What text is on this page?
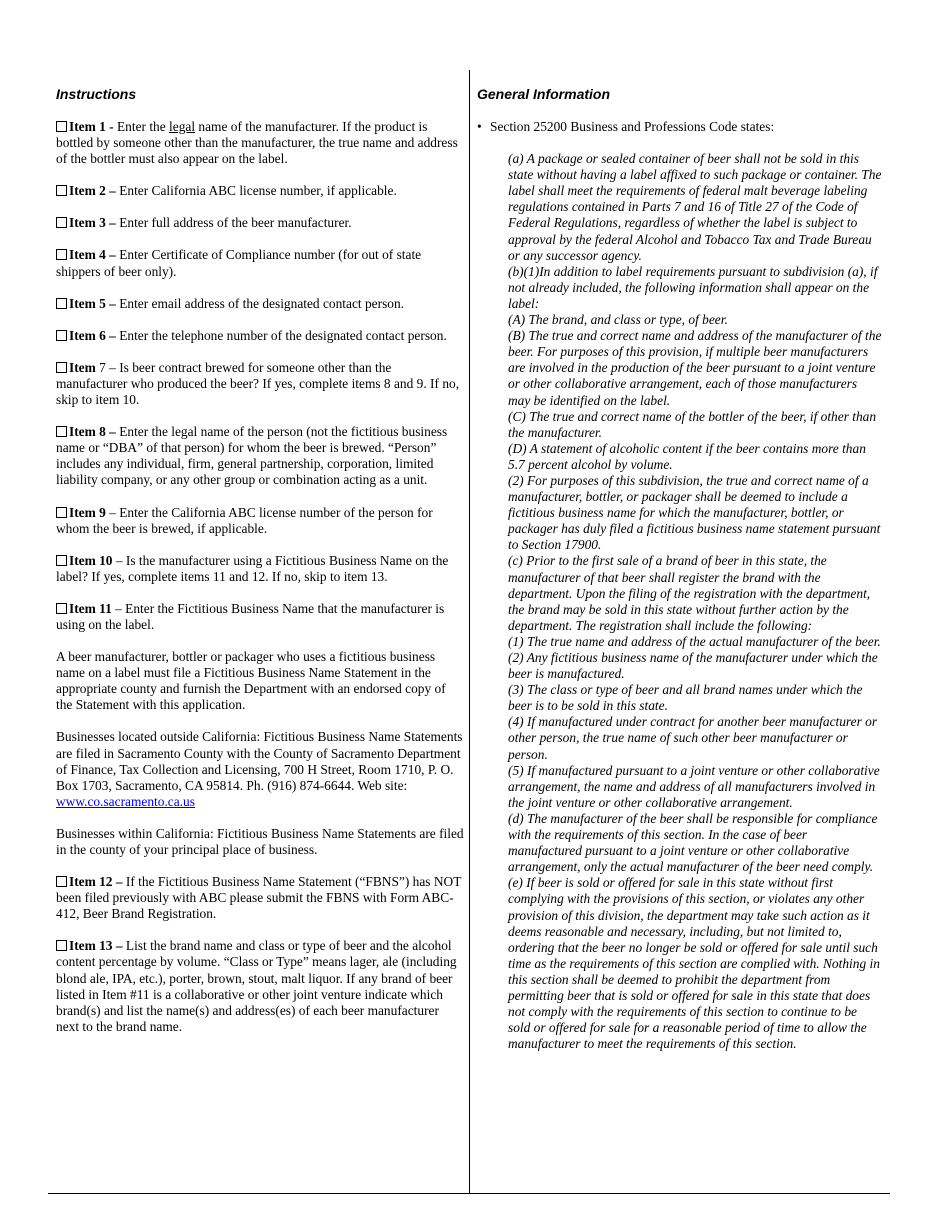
Instructions

Item 1 - Enter the legal name of the manufacturer. If the product is bottled by someone other than the manufacturer, the true name and address of the bottler must also appear on the label.

Item 2 – Enter California ABC license number, if applicable.

Item 3 – Enter full address of the beer manufacturer.

Item 4 – Enter Certificate of Compliance number (for out of state shippers of beer only).

Item 5 – Enter email address of the designated contact person.

Item 6 – Enter the telephone number of the designated contact person.

Item 7 – Is beer contract brewed for someone other than the manufacturer who produced the beer? If yes, complete items 8 and 9. If no, skip to item 10.

Item 8 – Enter the legal name of the person (not the fictitious business name or “DBA” of that person) for whom the beer is brewed. “Person” includes any individual, firm, general partnership, corporation, limited liability company, or any other group or combination acting as a unit.

Item 9 – Enter the California ABC license number of the person for whom the beer is brewed, if applicable.

Item 10 – Is the manufacturer using a Fictitious Business Name on the label? If yes, complete items 11 and 12. If no, skip to item 13.

Item 11 – Enter the Fictitious Business Name that the manufacturer is using on the label.

A beer manufacturer, bottler or packager who uses a fictitious business name on a label must file a Fictitious Business Name Statement in the appropriate county and furnish the Department with an endorsed copy of the Statement with this application.

Businesses located outside California: Fictitious Business Name Statements are filed in Sacramento County with the County of Sacramento Department of Finance, Tax Collection and Licensing, 700 H Street, Room 1710, P. O. Box 1703, Sacramento, CA 95814. Ph. (916) 874-6644. Web site: www.co.sacramento.ca.us

Businesses within California: Fictitious Business Name Statements are filed in the county of your principal place of business.

Item 12 – If the Fictitious Business Name Statement (“FBNS”) has NOT been filed previously with ABC please submit the FBNS with Form ABC-412, Beer Brand Registration.

Item 13 – List the brand name and class or type of beer and the alcohol content percentage by volume. “Class or Type” means lager, ale (including blond ale, IPA, etc.), porter, brown, stout, malt liquor. If any brand of beer listed in Item #11 is a collaborative or other joint venture indicate which brand(s) and list the name(s) and address(es) of each beer manufacturer next to the brand name.

General Information

• Section 25200 Business and Professions Code states:

(a) A package or sealed container of beer shall not be sold in this state without having a label affixed to such package or container. The label shall meet the requirements of federal malt beverage labeling regulations contained in Parts 7 and 16 of Title 27 of the Code of Federal Regulations, regardless of whether the label is subject to approval by the federal Alcohol and Tobacco Tax and Trade Bureau or any successor agency.
(b)(1)In addition to label requirements pursuant to subdivision (a), if not already included, the following information shall appear on the label:
(A) The brand, and class or type, of beer.
(B) The true and correct name and address of the manufacturer of the beer. For purposes of this provision, if multiple beer manufacturers are involved in the production of the beer pursuant to a joint venture or other collaborative arrangement, each of those manufacturers may be identified on the label.
(C) The true and correct name of the bottler of the beer, if other than the manufacturer.
(D) A statement of alcoholic content if the beer contains more than 5.7 percent alcohol by volume.
(2) For purposes of this subdivision, the true and correct name of a manufacturer, bottler, or packager shall be deemed to include a fictitious business name for which the manufacturer, bottler, or packager has duly filed a fictitious business name statement pursuant to Section 17900.
(c) Prior to the first sale of a brand of beer in this state, the manufacturer of that beer shall register the brand with the department. Upon the filing of the registration with the department, the brand may be sold in this state without further action by the department. The registration shall include the following:
(1) The true name and address of the actual manufacturer of the beer.
(2) Any fictitious business name of the manufacturer under which the beer is manufactured.
(3) The class or type of beer and all brand names under which the beer is to be sold in this state.
(4) If manufactured under contract for another beer manufacturer or other person, the true name of such other beer manufacturer or person.
(5) If manufactured pursuant to a joint venture or other collaborative arrangement, the name and address of all manufacturers involved in the joint venture or other collaborative arrangement.
(d) The manufacturer of the beer shall be responsible for compliance with the requirements of this section. In the case of beer manufactured pursuant to a joint venture or other collaborative arrangement, only the actual manufacturer of the beer need comply.
(e) If beer is sold or offered for sale in this state without first complying with the provisions of this section, or violates any other provision of this division, the department may take such action as it deems reasonable and necessary, including, but not limited to, ordering that the beer no longer be sold or offered for sale until such time as the requirements of this section are complied with. Nothing in this section shall be deemed to prohibit the department from permitting beer that is sold or offered for sale in this state that does not comply with the requirements of this section to continue to be sold or offered for sale for a reasonable period of time to allow the manufacturer to meet the requirements of this section.
